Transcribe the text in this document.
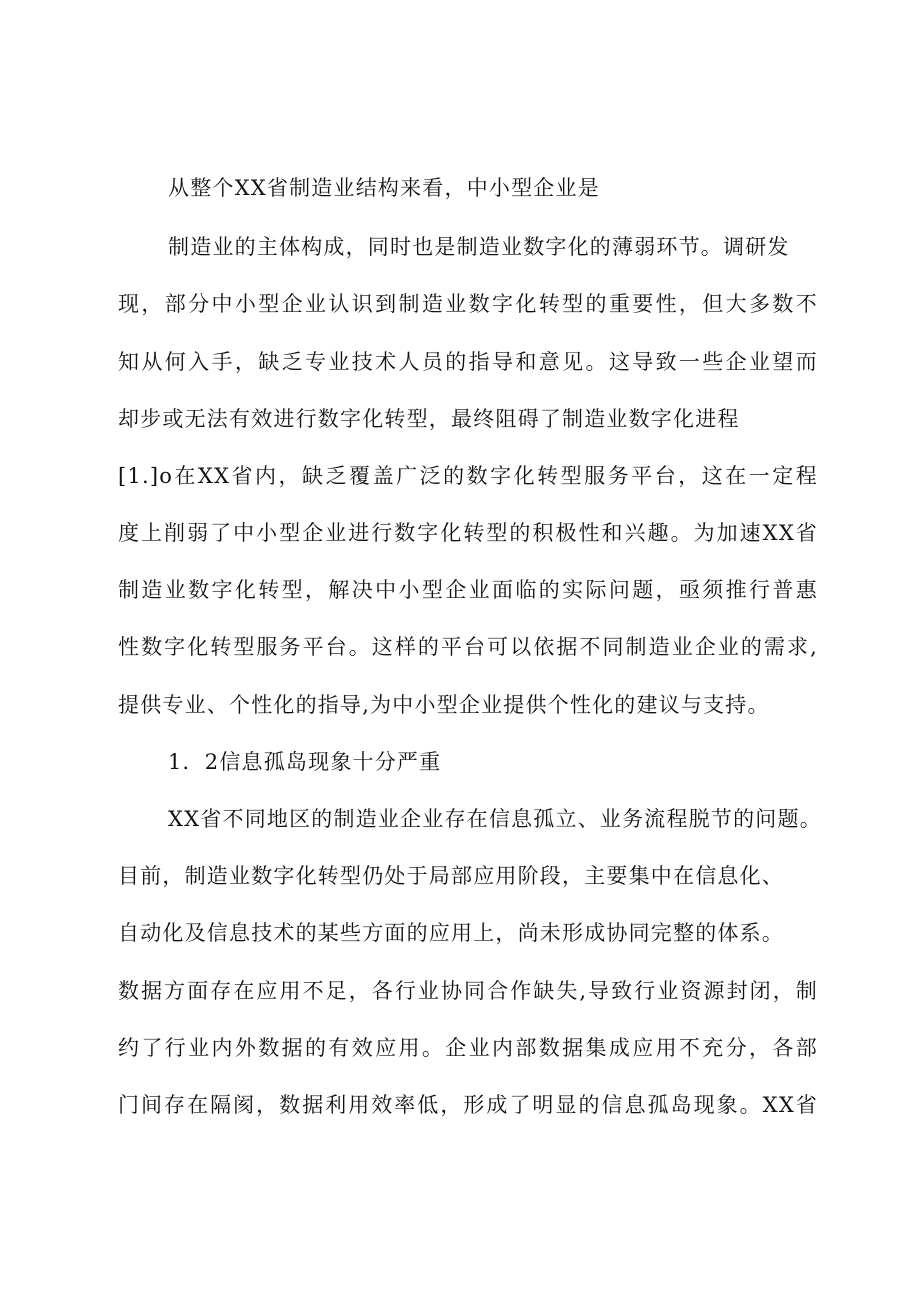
从整个XX省制造业结构来看，中小型企业是
制造业的主体构成，同时也是制造业数字化的薄弱环节。调研发
现，部分中小型企业认识到制造业数字化转型的重要性，但大多数不
知从何入手，缺乏专业技术人员的指导和意见。这导致一些企业望而
却步或无法有效进行数字化转型，最终阻碍了制造业数字化进程
[1.]o在XX省内，缺乏覆盖广泛的数字化转型服务平台，这在一定程
度上削弱了中小型企业进行数字化转型的积极性和兴趣。为加速XX省
制造业数字化转型，解决中小型企业面临的实际问题，亟须推行普惠
性数字化转型服务平台。这样的平台可以依据不同制造业企业的需求,
提供专业、个性化的指导,为中小型企业提供个性化的建议与支持。
1．2信息孤岛现象十分严重
XX省不同地区的制造业企业存在信息孤立、业务流程脱节的问题。
目前，制造业数字化转型仍处于局部应用阶段，主要集中在信息化、
自动化及信息技术的某些方面的应用上，尚未形成协同完整的体系。
数据方面存在应用不足，各行业协同合作缺失,导致行业资源封闭，制
约了行业内外数据的有效应用。企业内部数据集成应用不充分，各部
门间存在隔阂，数据利用效率低，形成了明显的信息孤岛现象。XX省
